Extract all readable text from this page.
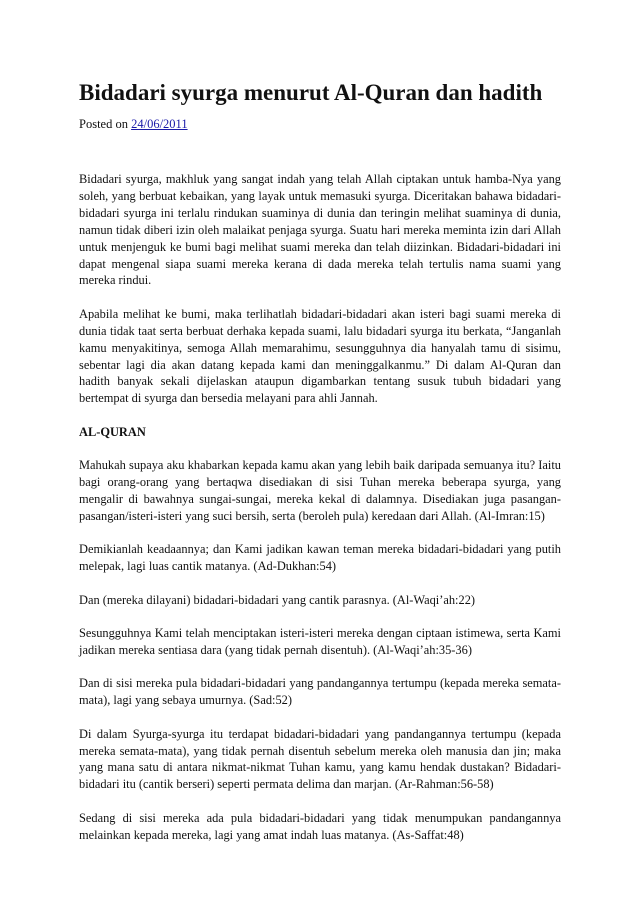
Bidadari syurga menurut Al-Quran dan hadith
Posted on 24/06/2011

Bidadari syurga, makhluk yang sangat indah yang telah Allah ciptakan untuk hamba-Nya yang soleh, yang berbuat kebaikan, yang layak untuk memasuki syurga. Diceritakan bahawa bidadari-bidadari syurga ini terlalu rindukan suaminya di dunia dan teringin melihat suaminya di dunia, namun tidak diberi izin oleh malaikat penjaga syurga. Suatu hari mereka meminta izin dari Allah untuk menjenguk ke bumi bagi melihat suami mereka dan telah diizinkan. Bidadari-bidadari ini dapat mengenal siapa suami mereka kerana di dada mereka telah tertulis nama suami yang mereka rindui.

Apabila melihat ke bumi, maka terlihatlah bidadari-bidadari akan isteri bagi suami mereka di dunia tidak taat serta berbuat derhaka kepada suami, lalu bidadari syurga itu berkata, “Janganlah kamu menyakitinya, semoga Allah memarahimu, sesungguhnya dia hanyalah tamu di sisimu, sebentar lagi dia akan datang kepada kami dan meninggalkanmu.” Di dalam Al-Quran dan hadith banyak sekali dijelaskan ataupun digambarkan tentang susuk tubuh bidadari yang bertempat di syurga dan bersedia melayani para ahli Jannah.

AL-QURAN

Mahukah supaya aku khabarkan kepada kamu akan yang lebih baik daripada semuanya itu? Iaitu bagi orang-orang yang bertaqwa disediakan di sisi Tuhan mereka beberapa syurga, yang mengalir di bawahnya sungai-sungai, mereka kekal di dalamnya. Disediakan juga pasangan-pasangan/isteri-isteri yang suci bersih, serta (beroleh pula) keredaan dari Allah. (Al-Imran:15)

Demikianlah keadaannya; dan Kami jadikan kawan teman mereka bidadari-bidadari yang putih melepak, lagi luas cantik matanya. (Ad-Dukhan:54)

Dan (mereka dilayani) bidadari-bidadari yang cantik parasnya. (Al-Waqi’ah:22)

Sesungguhnya Kami telah menciptakan isteri-isteri mereka dengan ciptaan istimewa, serta Kami jadikan mereka sentiasa dara (yang tidak pernah disentuh). (Al-Waqi’ah:35-36)

Dan di sisi mereka pula bidadari-bidadari yang pandangannya tertumpu (kepada mereka semata-mata), lagi yang sebaya umurnya. (Sad:52)

Di dalam Syurga-syurga itu terdapat bidadari-bidadari yang pandangannya tertumpu (kepada mereka semata-mata), yang tidak pernah disentuh sebelum mereka oleh manusia dan jin; maka yang mana satu di antara nikmat-nikmat Tuhan kamu, yang kamu hendak dustakan? Bidadari-bidadari itu (cantik berseri) seperti permata delima dan marjan. (Ar-Rahman:56-58)

Sedang di sisi mereka ada pula bidadari-bidadari yang tidak menumpukan pandangannya melainkan kepada mereka, lagi yang amat indah luas matanya. (As-Saffat:48)
